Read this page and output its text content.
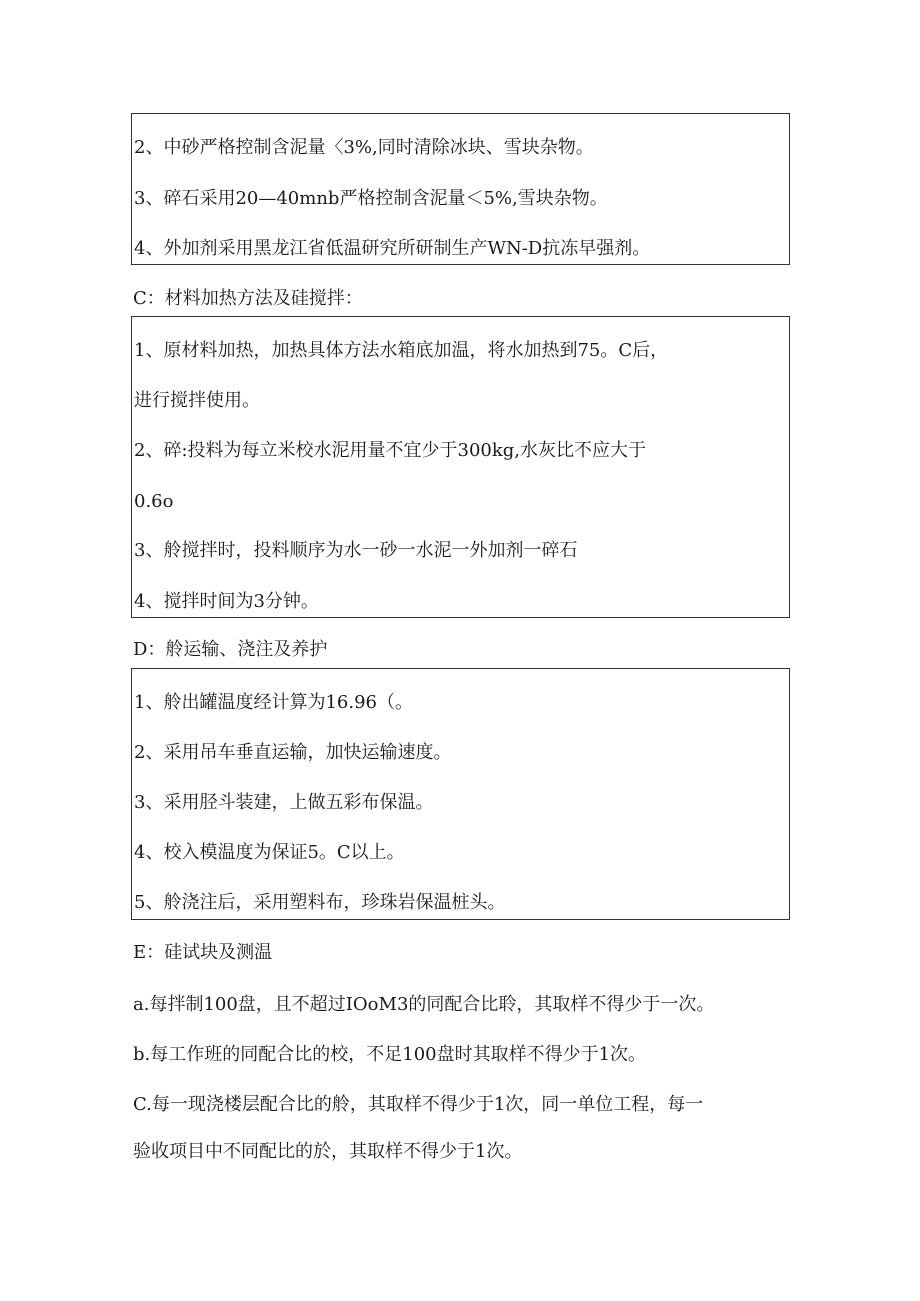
2、中砂严格控制含泥量〈3%,同时清除冰块、雪块杂物。
3、碎石采用20—40mnb严格控制含泥量＜5%,雪块杂物。
4、外加剂采用黑龙江省低温研究所研制生产WN-D抗冻早强剂。
C：材料加热方法及硅搅拌：
1、原材料加热，加热具体方法水箱底加温，将水加热到75。C后，
进行搅拌使用。
2、碎:投料为每立米校水泥用量不宜少于300kg,水灰比不应大于
0.6o
3、舲搅拌时，投料顺序为水一砂一水泥一外加剂一碎石
4、搅拌时间为3分钟。
D：舲运输、浇注及养护
1、舲出罐温度经计算为16.96（。
2、采用吊车垂直运输，加快运输速度。
3、采用胫斗装建，上做五彩布保温。
4、校入模温度为保证5。C以上。
5、舲浇注后，采用塑料布，珍珠岩保温桩头。
E：硅试块及测温
a.每拌制100盘，且不超过IOoM3的同配合比聆，其取样不得少于一次。
b.每工作班的同配合比的校，不足100盘时其取样不得少于1次。
C.每一现浇楼层配合比的舲，其取样不得少于1次，同一单位工程，每一
验收项目中不同配比的於，其取样不得少于1次。
